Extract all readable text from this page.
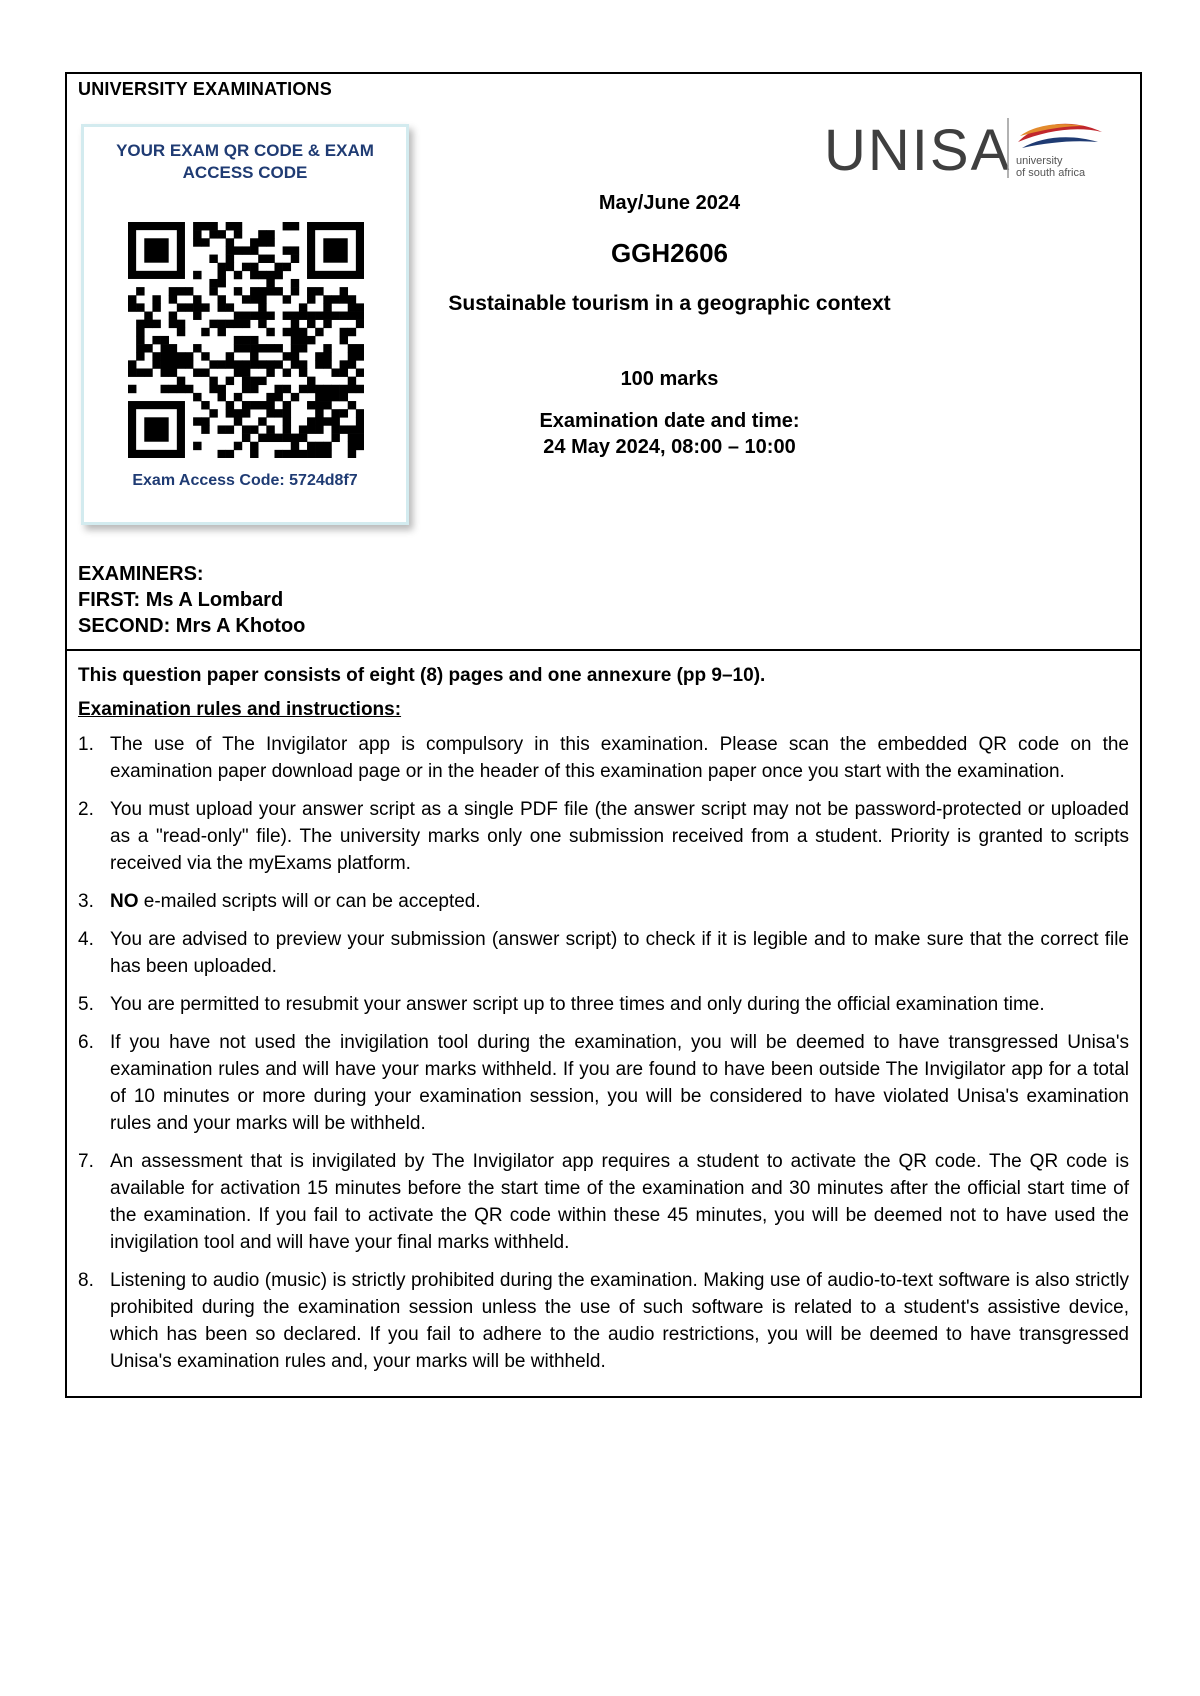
UNIVERSITY EXAMINATIONS
YOUR EXAM QR CODE & EXAM ACCESS CODE
Exam Access Code: 5724d8f7
May/June 2024
GGH2606
Sustainable tourism in a geographic context
100 marks
Examination date and time:
24 May 2024, 08:00 – 10:00
UNISA university
of south africa
EXAMINERS:
FIRST: Ms A Lombard
SECOND: Mrs A Khotoo

This question paper consists of eight (8) pages and one annexure (pp 9–10).

Examination rules and instructions:

1. The use of The Invigilator app is compulsory in this examination. Please scan the embedded QR code on the examination paper download page or in the header of this examination paper once you start with the examination.
2. You must upload your answer script as a single PDF file (the answer script may not be password-protected or uploaded as a "read-only" file). The university marks only one submission received from a student. Priority is granted to scripts received via the myExams platform.
3. NO e-mailed scripts will or can be accepted.
4. You are advised to preview your submission (answer script) to check if it is legible and to make sure that the correct file has been uploaded.
5. You are permitted to resubmit your answer script up to three times and only during the official examination time.
6. If you have not used the invigilation tool during the examination, you will be deemed to have transgressed Unisa's examination rules and will have your marks withheld. If you are found to have been outside The Invigilator app for a total of 10 minutes or more during your examination session, you will be considered to have violated Unisa's examination rules and your marks will be withheld.
7. An assessment that is invigilated by The Invigilator app requires a student to activate the QR code. The QR code is available for activation 15 minutes before the start time of the examination and 30 minutes after the official start time of the examination. If you fail to activate the QR code within these 45 minutes, you will be deemed not to have used the invigilation tool and will have your final marks withheld.
8. Listening to audio (music) is strictly prohibited during the examination. Making use of audio-to-text software is also strictly prohibited during the examination session unless the use of such software is related to a student's assistive device, which has been so declared. If you fail to adhere to the audio restrictions, you will be deemed to have transgressed Unisa's examination rules and, your marks will be withheld.
